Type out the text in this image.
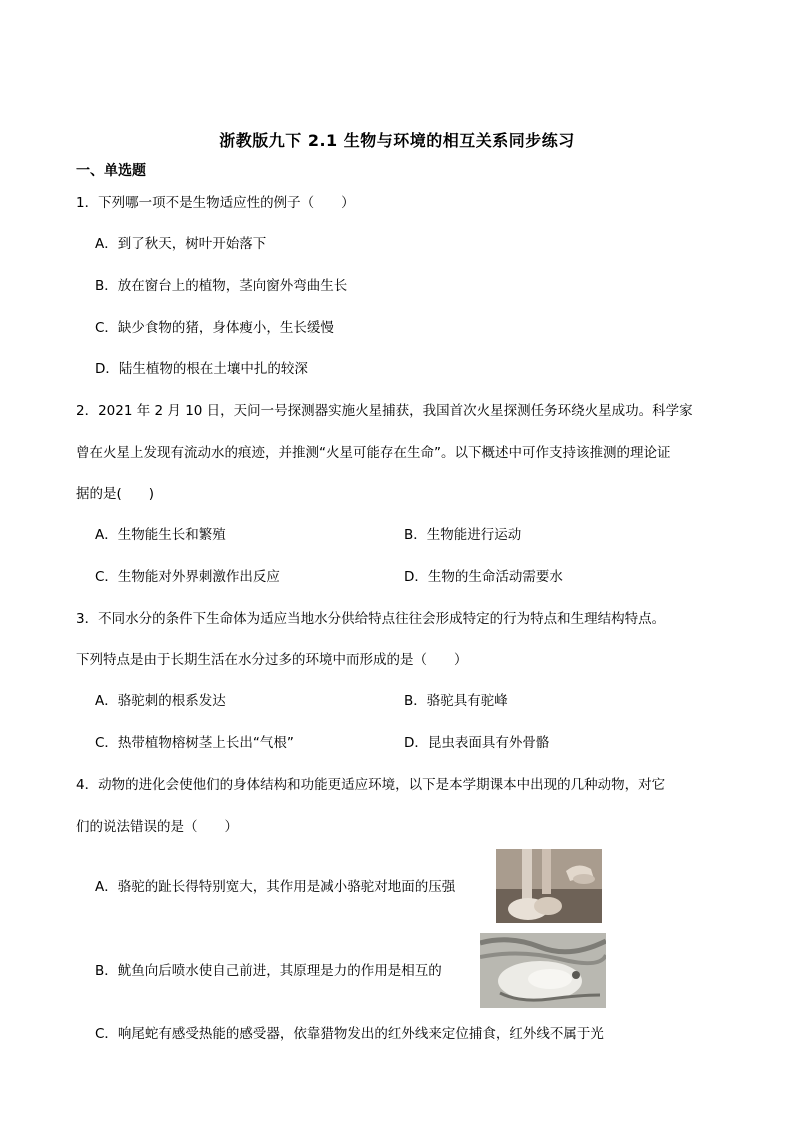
浙教版九下 2.1 生物与环境的相互关系同步练习
一、单选题
1．下列哪一项不是生物适应性的例子（　　）
A．到了秋天，树叶开始落下
B．放在窗台上的植物，茎向窗外弯曲生长
C．缺少食物的猪，身体瘦小，生长缓慢
D．陆生植物的根在土壤中扎的较深
2．2021 年 2 月 10 日，天问一号探测器实施火星捕获，我国首次火星探测任务环绕火星成功。科学家
曾在火星上发现有流动水的痕迹，并推测“火星可能存在生命”。以下概述中可作支持该推测的理论证
据的是(　　)
A．生物能生长和繁殖	B．生物能进行运动
C．生物能对外界刺激作出反应	D．生物的生命活动需要水
3．不同水分的条件下生命体为适应当地水分供给特点往往会形成特定的行为特点和生理结构特点。
下列特点是由于长期生活在水分过多的环境中而形成的是（　　）
A．骆驼刺的根系发达	B．骆驼具有驼峰
C．热带植物榕树茎上长出“气根”	D．昆虫表面具有外骨骼
4．动物的进化会使他们的身体结构和功能更适应环境，以下是本学期课本中出现的几种动物，对它
们的说法错误的是（　　）
A．骆驼的趾长得特别宽大，其作用是减小骆驼对地面的压强
B．鱿鱼向后喷水使自己前进，其原理是力的作用是相互的
C．响尾蛇有感受热能的感受器，依靠猎物发出的红外线来定位捕食，红外线不属于光
